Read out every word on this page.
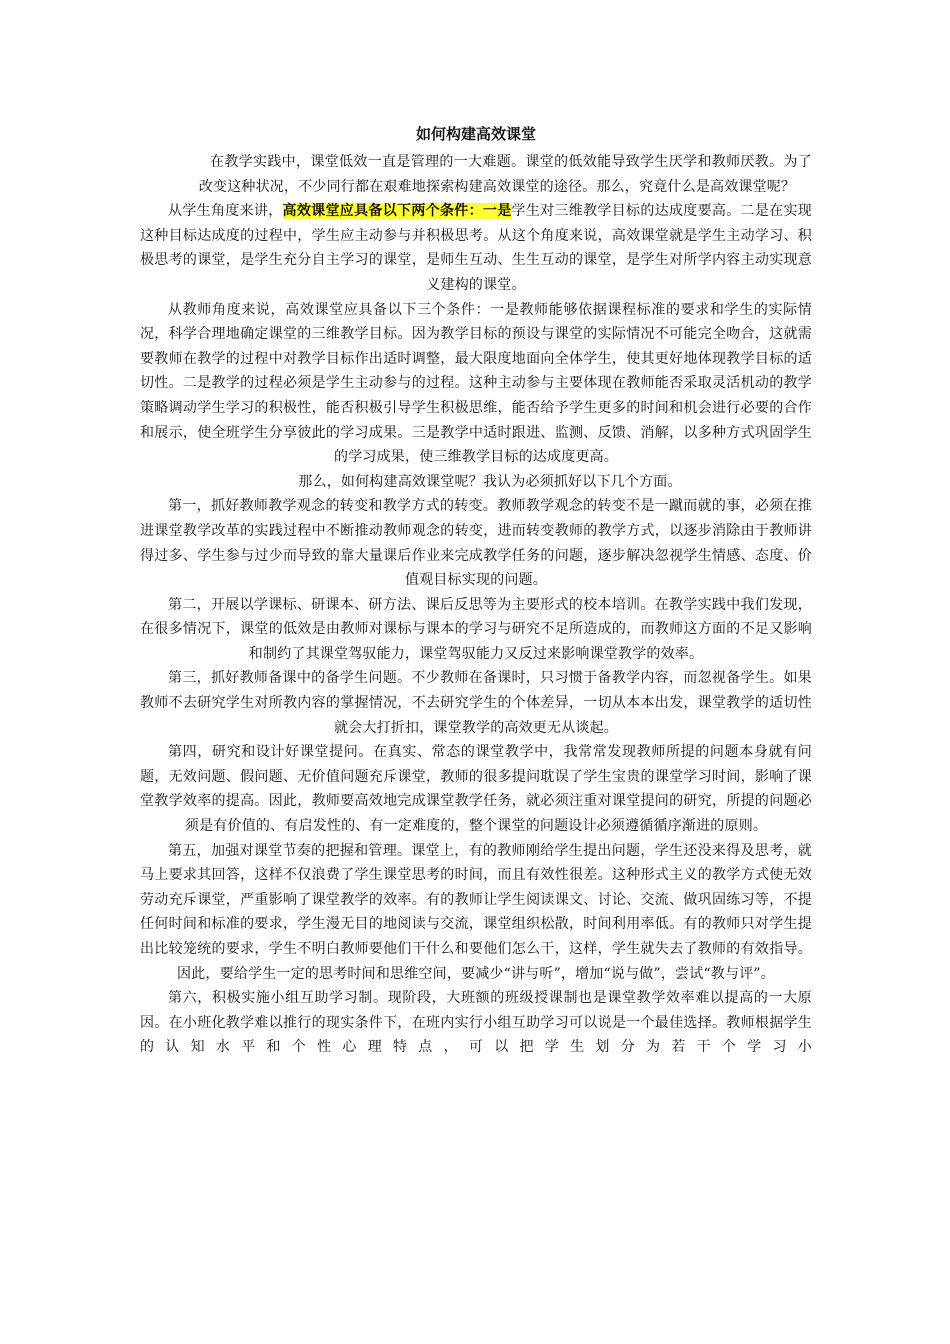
如何构建高效课堂

在教学实践中，课堂低效一直是管理的一大难题。课堂的低效能导致学生厌学和教师厌教。为了改变这种状况，不少同行都在艰难地探索构建高效课堂的途径。那么，究竟什么是高效课堂呢？

从学生角度来讲，高效课堂应具备以下两个条件：一是学生对三维教学目标的达成度要高。二是在实现这种目标达成度的过程中，学生应主动参与并积极思考。从这个角度来说，高效课堂就是学生主动学习、积极思考的课堂，是学生充分自主学习的课堂，是师生互动、生生互动的课堂，是学生对所学内容主动实现意义建构的课堂。

从教师角度来说，高效课堂应具备以下三个条件：一是教师能够依据课程标准的要求和学生的实际情况，科学合理地确定课堂的三维教学目标。因为教学目标的预设与课堂的实际情况不可能完全吻合，这就需要教师在教学的过程中对教学目标作出适时调整，最大限度地面向全体学生，使其更好地体现教学目标的适切性。二是教学的过程必须是学生主动参与的过程。这种主动参与主要体现在教师能否采取灵活机动的教学策略调动学生学习的积极性，能否积极引导学生积极思维，能否给予学生更多的时间和机会进行必要的合作和展示，使全班学生分享彼此的学习成果。三是教学中适时跟进、监测、反馈、消解，以多种方式巩固学生的学习成果，使三维教学目标的达成度更高。

那么，如何构建高效课堂呢？我认为必须抓好以下几个方面。

第一，抓好教师教学观念的转变和教学方式的转变。教师教学观念的转变不是一蹴而就的事，必须在推进课堂教学改革的实践过程中不断推动教师观念的转变，进而转变教师的教学方式，以逐步消除由于教师讲得过多、学生参与过少而导致的靠大量课后作业来完成教学任务的问题，逐步解决忽视学生情感、态度、价值观目标实现的问题。

第二，开展以学课标、研课本、研方法、课后反思等为主要形式的校本培训。在教学实践中我们发现，在很多情况下，课堂的低效是由教师对课标与课本的学习与研究不足所造成的，而教师这方面的不足又影响和制约了其课堂驾驭能力，课堂驾驭能力又反过来影响课堂教学的效率。

第三，抓好教师备课中的备学生问题。不少教师在备课时，只习惯于备教学内容，而忽视备学生。如果教师不去研究学生对所教内容的掌握情况，不去研究学生的个体差异，一切从本本出发，课堂教学的适切性就会大打折扣，课堂教学的高效更无从谈起。

第四，研究和设计好课堂提问。在真实、常态的课堂教学中，我常常发现教师所提的问题本身就有问题，无效问题、假问题、无价值问题充斥课堂，教师的很多提问耽误了学生宝贵的课堂学习时间，影响了课堂教学效率的提高。因此，教师要高效地完成课堂教学任务，就必须注重对课堂提问的研究，所提的问题必须是有价值的、有启发性的、有一定难度的，整个课堂的问题设计必须遵循循序渐进的原则。

第五，加强对课堂节奏的把握和管理。课堂上，有的教师刚给学生提出问题，学生还没来得及思考，就马上要求其回答，这样不仅浪费了学生课堂思考的时间，而且有效性很差。这种形式主义的教学方式使无效劳动充斥课堂，严重影响了课堂教学的效率。有的教师让学生阅读课文、讨论、交流、做巩固练习等，不提任何时间和标准的要求，学生漫无目的地阅读与交流，课堂组织松散，时间利用率低。有的教师只对学生提出比较笼统的要求，学生不明白教师要他们干什么和要他们怎么干，这样，学生就失去了教师的有效指导。因此，要给学生一定的思考时间和思维空间，要减少“讲与听”，增加“说与做”，尝试“教与评”。

第六，积极实施小组互助学习制。现阶段，大班额的班级授课制也是课堂教学效率难以提高的一大原因。在小班化教学难以推行的现实条件下，在班内实行小组互助学习可以说是一个最佳选择。教师根据学生的认知水平和个性心理特点，可以把学生划分为若干个学习小
